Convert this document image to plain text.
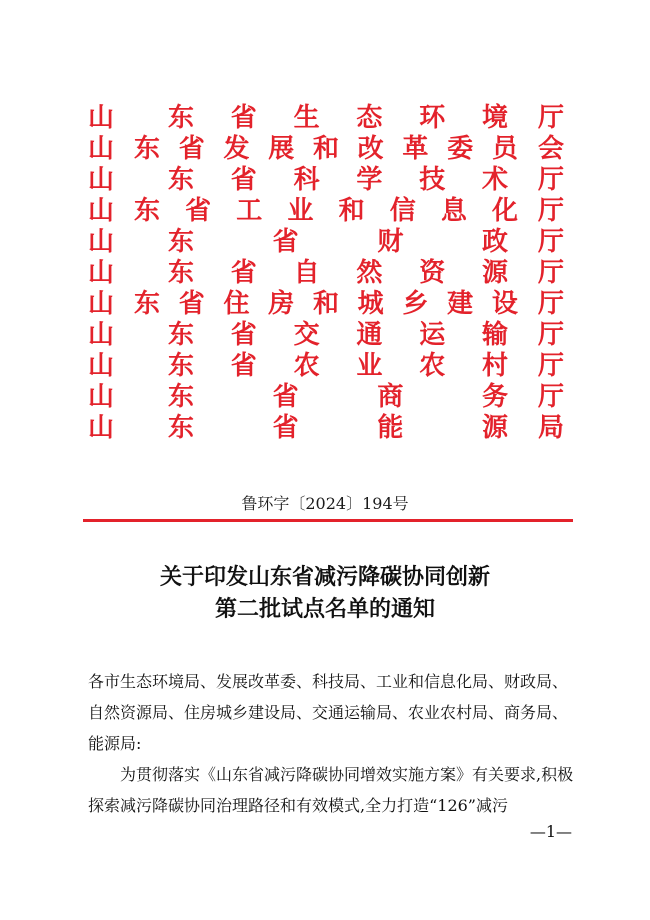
山 东 省 生 态 环 境 厅
山 东 省 发 展 和 改 革 委 员 会
山 东 省 科 学 技 术 厅
山 东 省 工 业 和 信 息 化 厅
山 东	省	财	政 厅
山 东 省 自 然 资 源 厅
山 东 省 住 房 和 城 乡 建 设 厅
山 东 省 交 通 运 输 厅
山 东 省 农 业 农 村 厅
山 东	省	商	务 厅
山 东	省	能	源 局
鲁环字〔2024〕194号
关于印发山东省减污降碳协同创新
第二批试点名单的通知

各市生态环境局、发展改革委、科技局、工业和信息化局、财政局、自然资源局、住房城乡建设局、交通运输局、农业农村局、商务局、能源局:

为贯彻落实《山东省减污降碳协同增效实施方案》有关要求,积极探索减污降碳协同治理路径和有效模式,全力打造“126”减污

—1—
